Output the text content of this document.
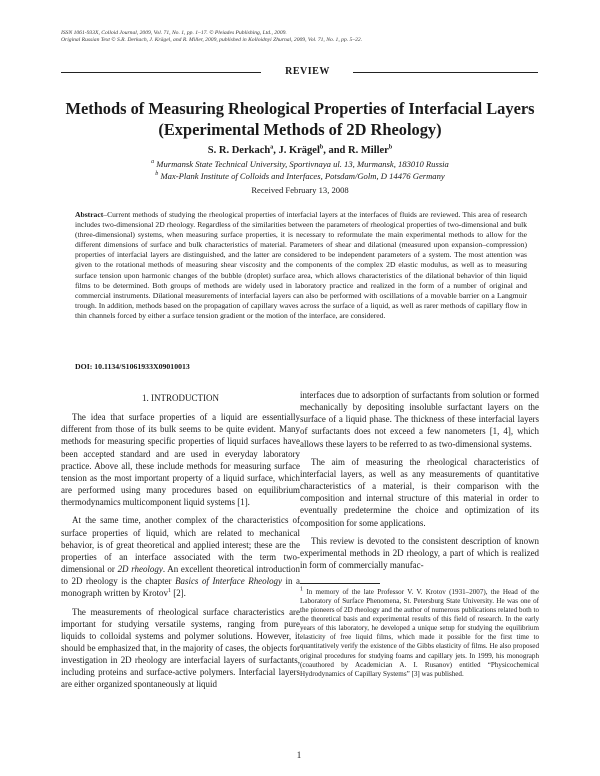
ISSN 1061-933X, Colloid Journal, 2009, Vol. 71, No. 1, pp. 1–17. © Pleiades Publishing, Ltd., 2009.
Original Russian Text © S.R. Derkach, J. Krägel, and R. Miller, 2009, published in Kolloidnyi Zhurnal, 2009, Vol. 71, No. 1, pp. 5–22.
REVIEW
Methods of Measuring Rheological Properties of Interfacial Layers (Experimental Methods of 2D Rheology)
S. R. Derkach$^a$, J. Krägel$^b$, and R. Miller$^b$
$^a$ Murmansk State Technical University, Sportivnaya ul. 13, Murmansk, 183010 Russia
$^b$ Max-Plank Institute of Colloids and Interfaces, Potsdam/Golm, D 14476 Germany
Received February 13, 2008
Abstract–Current methods of studying the rheological properties of interfacial layers at the interfaces of fluids are reviewed. This area of research includes two-dimensional 2D rheology. Regardless of the similarities between the parameters of rheological properties of two-dimensional and bulk (three-dimensional) systems, when measuring surface properties, it is necessary to reformulate the main experimental methods to allow for the different dimensions of surface and bulk characteristics of material. Parameters of shear and dilational (measured upon expansion–compression) properties of interfacial layers are distinguished, and the latter are considered to be independent parameters of a system. The most attention was given to the rotational methods of measuring shear viscosity and the components of the complex 2D elastic modulus, as well as to measuring surface tension upon harmonic changes of the bubble (droplet) surface area, which allows characteristics of the dilational behavior of thin liquid films to be determined. Both groups of methods are widely used in laboratory practice and realized in the form of a number of original and commercial instruments. Dilational measurements of interfacial layers can also be performed with oscillations of a movable barrier on a Langmuir trough. In addition, methods based on the propagation of capillary waves across the surface of a liquid, as well as rarer methods of capillary flow in thin channels forced by either a surface tension gradient or the motion of the interface, are considered.
DOI: 10.1134/S1061933X09010013
1. INTRODUCTION

The idea that surface properties of a liquid are essentially different from those of its bulk seems to be quite evident. Many methods for measuring specific properties of liquid surfaces have been accepted standard and are used in everyday laboratory practice. Above all, these include methods for measuring surface tension as the most important property of a liquid surface, which are performed using many procedures based on equilibrium thermodynamics multicomponent liquid systems [1].

At the same time, another complex of the characteristics of surface properties of liquid, which are related to mechanical behavior, is of great theoretical and applied interest; these are the properties of an interface associated with the term two-dimensional or 2D rheology. An excellent theoretical introduction to 2D rheology is the chapter Basics of Interface Rheology in a monograph written by Krotov$^1$ [2].

The measurements of rheological surface characteristics are important for studying versatile systems, ranging from pure liquids to colloidal systems and polymer solutions. However, it should be emphasized that, in the majority of cases, the objects for investigation in 2D rheology are interfacial layers of surfactants, including proteins and surface-active polymers. Interfacial layers are either organized spontaneously at liquid

interfaces due to adsorption of surfactants from solution or formed mechanically by depositing insoluble surfactant layers on the surface of a liquid phase. The thickness of these interfacial layers of surfactants does not exceed a few nanometers [1, 4], which allows these layers to be referred to as two-dimensional systems.

The aim of measuring the rheological characteristics of interfacial layers, as well as any measurements of quantitative characteristics of a material, is their comparison with the composition and internal structure of this material in order to eventually predetermine the choice and optimization of its composition for some applications.

This review is devoted to the consistent description of known experimental methods in 2D rheology, a part of which is realized in form of commercially manufac-

$^1$ In memory of the late Professor V. V. Krotov (1931–2007), the Head of the Laboratory of Surface Phenomena, St. Petersburg State University. He was one of the pioneers of 2D rheology and the author of numerous publications related both to the theoretical basis and experimental results of this field of research. In the early years of this laboratory, he developed a unique setup for studying the equilibrium elasticity of free liquid films, which made it possible for the first time to quantitatively verify the existence of the Gibbs elasticity of films. He also proposed original procedures for studying foams and capillary jets. In 1999, his monograph (coauthored by Academician A. I. Rusanov) entitled “Physicochemical Hydrodynamics of Capillary Systems” [3] was published.
1
